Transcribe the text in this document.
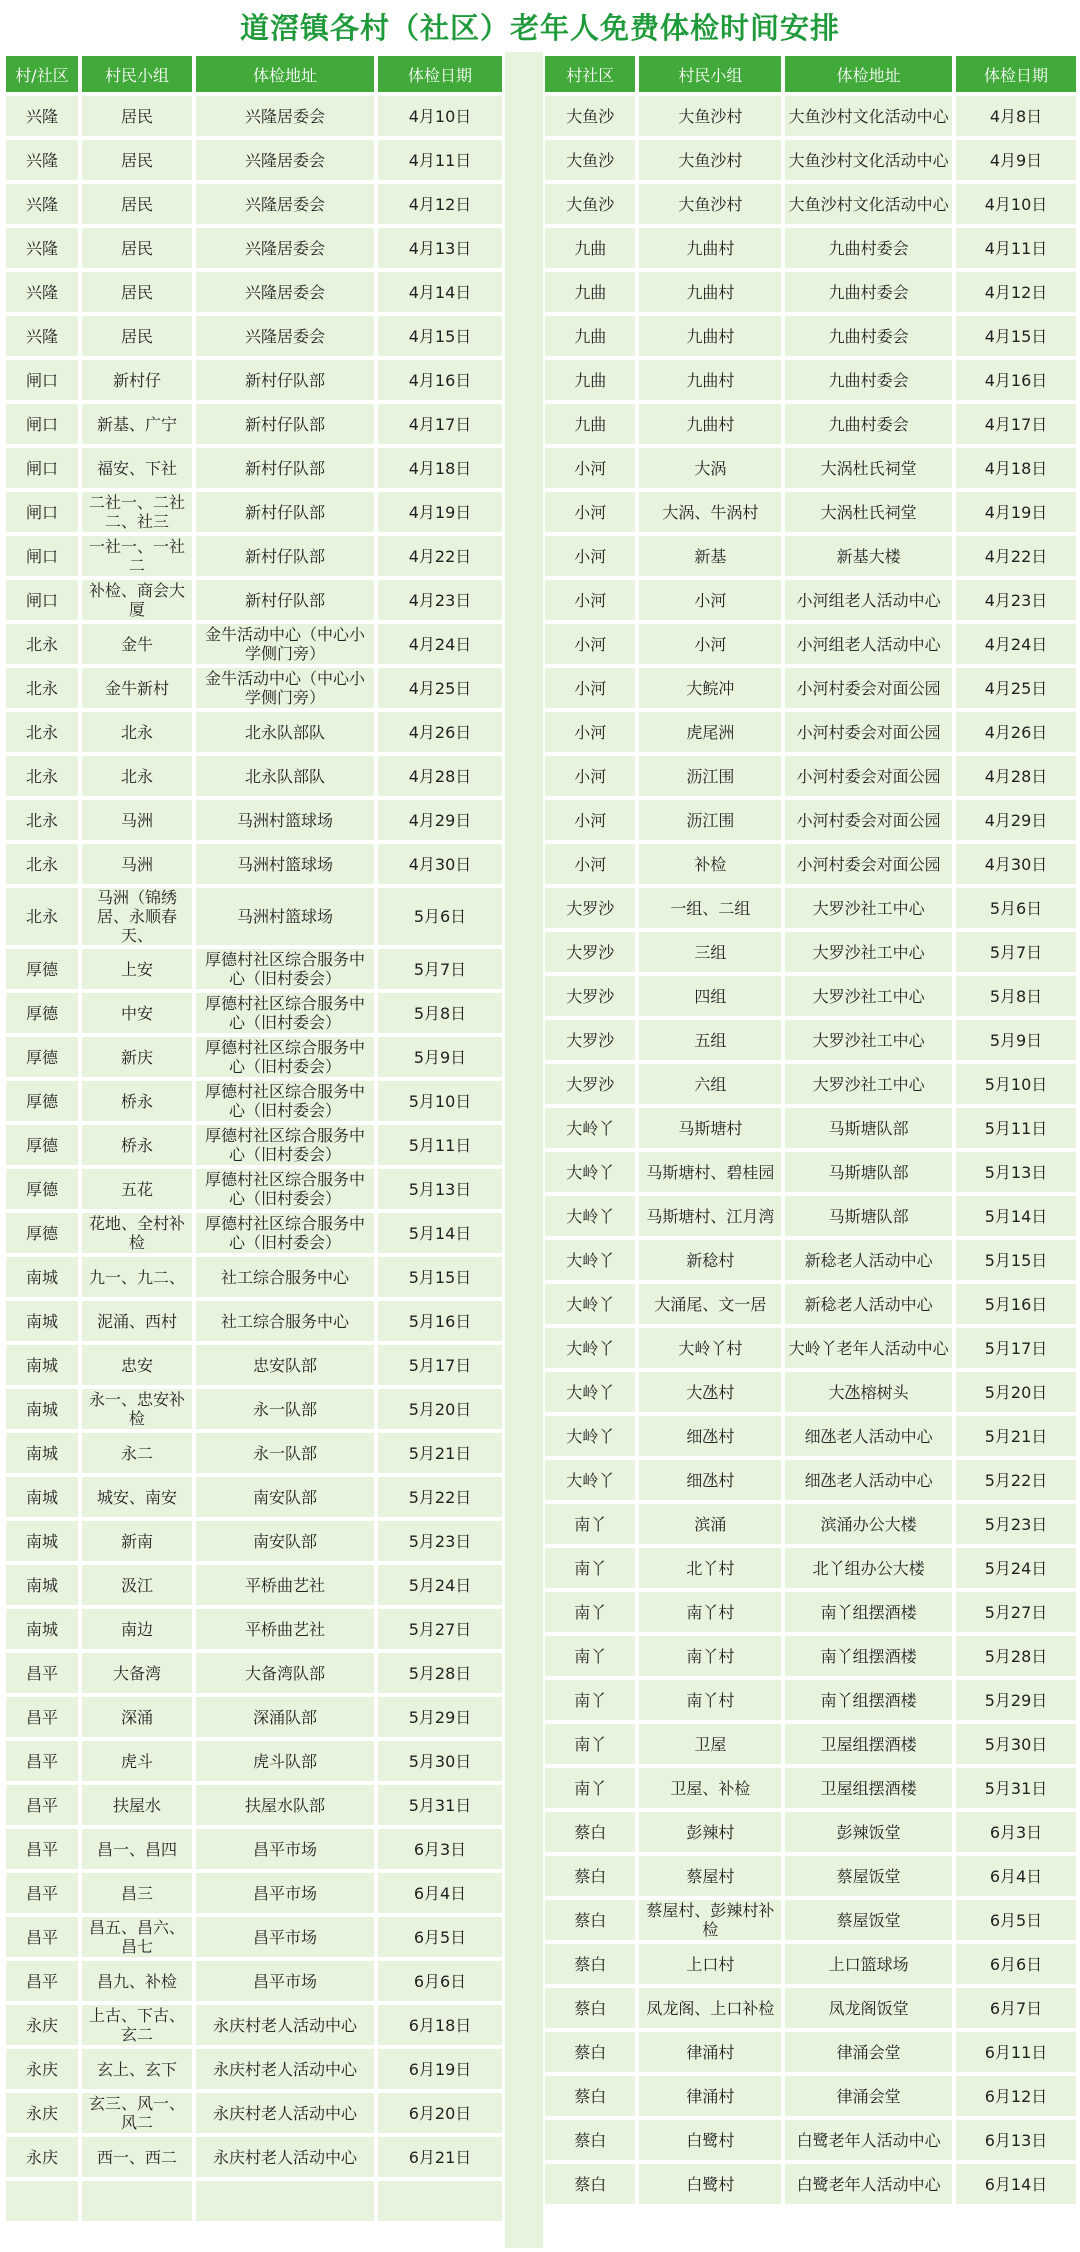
道滘镇各村（社区）老年人免费体检时间安排
村/社区	村民小组	体检地址	体检日期
兴隆	居民	兴隆居委会	4月10日
兴隆	居民	兴隆居委会	4月11日
兴隆	居民	兴隆居委会	4月12日
兴隆	居民	兴隆居委会	4月13日
兴隆	居民	兴隆居委会	4月14日
兴隆	居民	兴隆居委会	4月15日
闸口	新村仔	新村仔队部	4月16日
闸口	新基、广宁	新村仔队部	4月17日
闸口	福安、下社	新村仔队部	4月18日
闸口	二社一、二社二、社三	新村仔队部	4月19日
闸口	一社一、一社二	新村仔队部	4月22日
闸口	补检、商会大厦	新村仔队部	4月23日
北永	金牛	金牛活动中心（中心小学侧门旁）	4月24日
北永	金牛新村	金牛活动中心（中心小学侧门旁）	4月25日
北永	北永	北永队部队	4月26日
北永	北永	北永队部队	4月28日
北永	马洲	马洲村篮球场	4月29日
北永	马洲	马洲村篮球场	4月30日
北永	马洲（锦绣居、永顺春天、	马洲村篮球场	5月6日
厚德	上安	厚德村社区综合服务中心（旧村委会）	5月7日
厚德	中安	厚德村社区综合服务中心（旧村委会）	5月8日
厚德	新庆	厚德村社区综合服务中心（旧村委会）	5月9日
厚德	桥永	厚德村社区综合服务中心（旧村委会）	5月10日
厚德	桥永	厚德村社区综合服务中心（旧村委会）	5月11日
厚德	五花	厚德村社区综合服务中心（旧村委会）	5月13日
厚德	花地、全村补检	厚德村社区综合服务中心（旧村委会）	5月14日
南城	九一、九二、	社工综合服务中心	5月15日
南城	泥涌、西村	社工综合服务中心	5月16日
南城	忠安	忠安队部	5月17日
南城	永一、忠安补检	永一队部	5月20日
南城	永二	永一队部	5月21日
南城	城安、南安	南安队部	5月22日
南城	新南	南安队部	5月23日
南城	汲江	平桥曲艺社	5月24日
南城	南边	平桥曲艺社	5月27日
昌平	大备湾	大备湾队部	5月28日
昌平	深涌	深涌队部	5月29日
昌平	虎斗	虎斗队部	5月30日
昌平	扶屋水	扶屋水队部	5月31日
昌平	昌一、昌四	昌平市场	6月3日
昌平	昌三	昌平市场	6月4日
昌平	昌五、昌六、昌七	昌平市场	6月5日
昌平	昌九、补检	昌平市场	6月6日
永庆	上古、下古、玄二	永庆村老人活动中心	6月18日
永庆	玄上、玄下	永庆村老人活动中心	6月19日
永庆	玄三、风一、风二	永庆村老人活动中心	6月20日
永庆	西一、西二	永庆村老人活动中心	6月21日

村社区	村民小组	体检地址	体检日期
大鱼沙	大鱼沙村	大鱼沙村文化活动中心	4月8日
大鱼沙	大鱼沙村	大鱼沙村文化活动中心	4月9日
大鱼沙	大鱼沙村	大鱼沙村文化活动中心	4月10日
九曲	九曲村	九曲村委会	4月11日
九曲	九曲村	九曲村委会	4月12日
九曲	九曲村	九曲村委会	4月15日
九曲	九曲村	九曲村委会	4月16日
九曲	九曲村	九曲村委会	4月17日
小河	大涡	大涡杜氏祠堂	4月18日
小河	大涡、牛涡村	大涡杜氏祠堂	4月19日
小河	新基	新基大楼	4月22日
小河	小河	小河组老人活动中心	4月23日
小河	小河	小河组老人活动中心	4月24日
小河	大鲩冲	小河村委会对面公园	4月25日
小河	虎尾洲	小河村委会对面公园	4月26日
小河	沥江围	小河村委会对面公园	4月28日
小河	沥江围	小河村委会对面公园	4月29日
小河	补检	小河村委会对面公园	4月30日
大罗沙	一组、二组	大罗沙社工中心	5月6日
大罗沙	三组	大罗沙社工中心	5月7日
大罗沙	四组	大罗沙社工中心	5月8日
大罗沙	五组	大罗沙社工中心	5月9日
大罗沙	六组	大罗沙社工中心	5月10日
大岭丫	马斯塘村	马斯塘队部	5月11日
大岭丫	马斯塘村、碧桂园	马斯塘队部	5月13日
大岭丫	马斯塘村、江月湾	马斯塘队部	5月14日
大岭丫	新稔村	新稔老人活动中心	5月15日
大岭丫	大涌尾、文一居	新稔老人活动中心	5月16日
大岭丫	大岭丫村	大岭丫老年人活动中心	5月17日
大岭丫	大氹村	大氹榕树头	5月20日
大岭丫	细氹村	细氹老人活动中心	5月21日
大岭丫	细氹村	细氹老人活动中心	5月22日
南丫	滨涌	滨涌办公大楼	5月23日
南丫	北丫村	北丫组办公大楼	5月24日
南丫	南丫村	南丫组摆酒楼	5月27日
南丫	南丫村	南丫组摆酒楼	5月28日
南丫	南丫村	南丫组摆酒楼	5月29日
南丫	卫屋	卫屋组摆酒楼	5月30日
南丫	卫屋、补检	卫屋组摆酒楼	5月31日
蔡白	彭辣村	彭辣饭堂	6月3日
蔡白	蔡屋村	蔡屋饭堂	6月4日
蔡白	蔡屋村、彭辣村补检	蔡屋饭堂	6月5日
蔡白	上口村	上口篮球场	6月6日
蔡白	凤龙阁、上口补检	凤龙阁饭堂	6月7日
蔡白	律涌村	律涌会堂	6月11日
蔡白	律涌村	律涌会堂	6月12日
蔡白	白鹭村	白鹭老年人活动中心	6月13日
蔡白	白鹭村	白鹭老年人活动中心	6月14日
